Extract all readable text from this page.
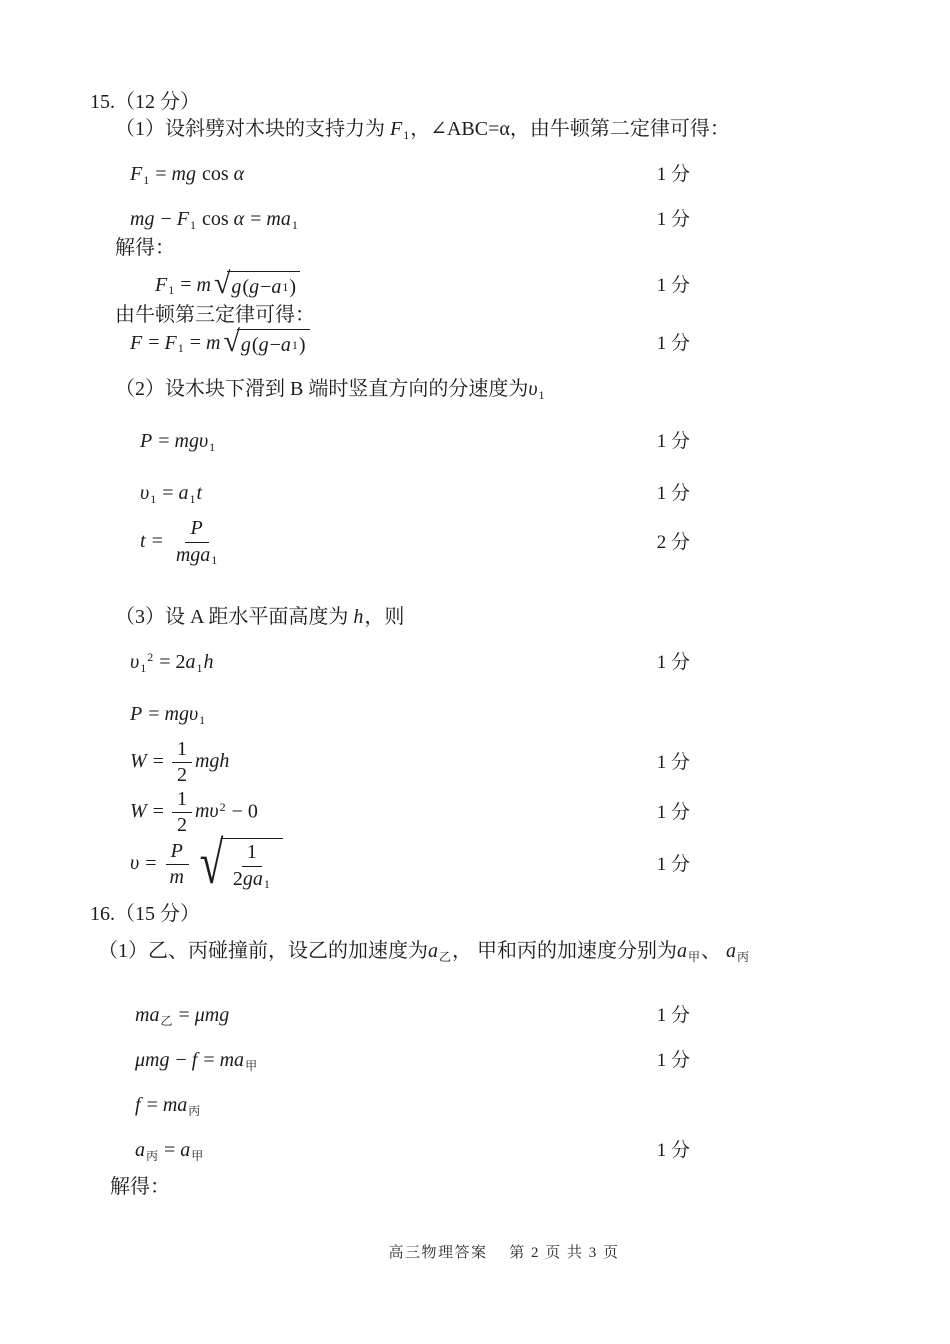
15.（12 分）
（1）设斜劈对木块的支持力为 F1，∠ABC=α，由牛顿第二定律可得：
F1 = mg cos α	1 分
mg − F1 cos α = ma1	1 分
解得：
F1 = m √ g ( g − a 1 )	1 分
由牛顿第三定律可得：
F = F1 = m √ g ( g − a 1 )	1 分
（2）设木块下滑到 B 端时竖直方向的分速度为υ1
P = mgυ1	1 分
υ1 = a1t	1 分
$t = \frac{P}{\text{mga1}}$	2 分
（3）设 A 距水平面高度为 h，则
$\upsilon 1^2 = 2a1h$	1 分
P = mgυ1
$W = \frac{1}{2}$ mgh	1 分
$W = \frac{1}{2} m\upsilon^2 - 0$	1 分
$\upsilon = \frac{P}{m}$ √ $\frac{1}{2ga1}$	1 分
16.（15 分）
（1）乙、丙碰撞前，设乙的加速度为a乙， 甲和丙的加速度分别为a甲、 a丙
ma乙 = μmg	1 分
μmg − f = ma甲	1 分
f = ma丙
a丙 = a甲	1 分
解得：
高三物理答案　 第 2 页 共 3 页
